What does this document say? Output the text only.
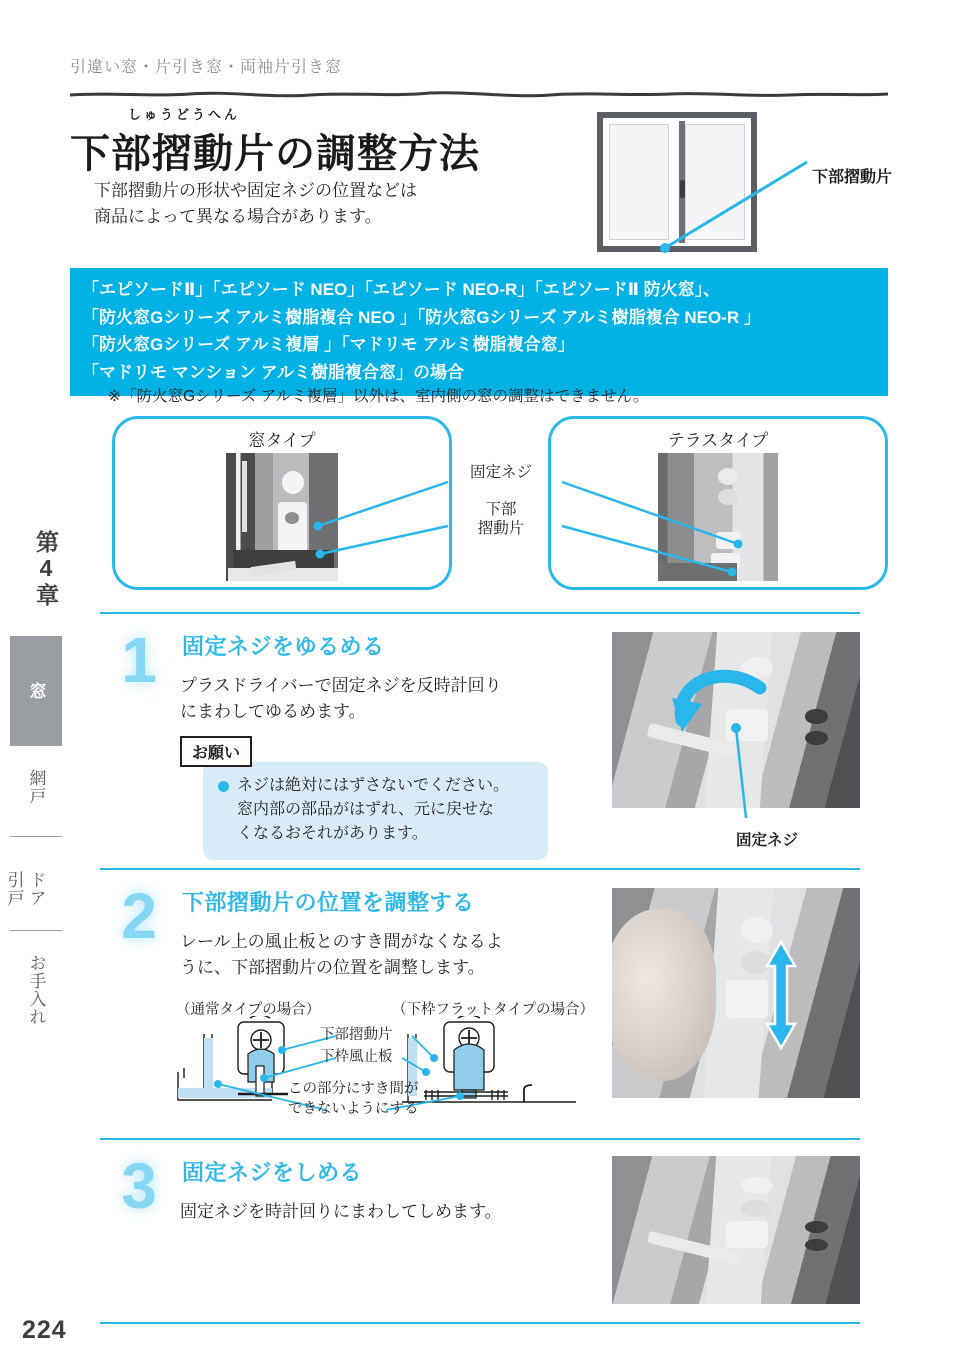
第4章
窓
網戸
ドア
引戸
お手入れ
引違い窓・片引き窓・両袖片引き窓
しゅうどうへん
下部摺動片の調整方法
下部摺動片の形状や固定ネジの位置などは
商品によって異なる場合があります。
下部摺動片
「エピソードⅡ」「エピソード NEO」「エピソード NEO-R」「エピソードⅡ 防火窓」、
「防火窓Gシリーズ アルミ樹脂複合 NEO 」「防火窓Gシリーズ アルミ樹脂複合 NEO-R 」
「防火窓Gシリーズ アルミ複層 」「マドリモ アルミ樹脂複合窓」
「マドリモ マンション アルミ樹脂複合窓」の場合
※「防火窓Gシリーズ アルミ複層」以外は、室内側の窓の調整はできません。
窓タイプ	テラスタイプ
固定ネジ
下部
摺動片
1	固定ネジをゆるめる
プラスドライバーで固定ネジを反時計回り
にまわしてゆるめます。
お願い
ネジは絶対にはずさないでください。
窓内部の部品がはずれ、元に戻せな
くなるおそれがあります。	固定ネジ
2	下部摺動片の位置を調整する
レール上の風止板とのすき間がなくなるよ
うに、下部摺動片の位置を調整します。
（通常タイプの場合）	（下枠フラットタイプの場合）
下部摺動片
下枠風止板
この部分にすき間が
できないようにする
3	固定ネジをしめる
固定ネジを時計回りにまわしてしめます。
224
